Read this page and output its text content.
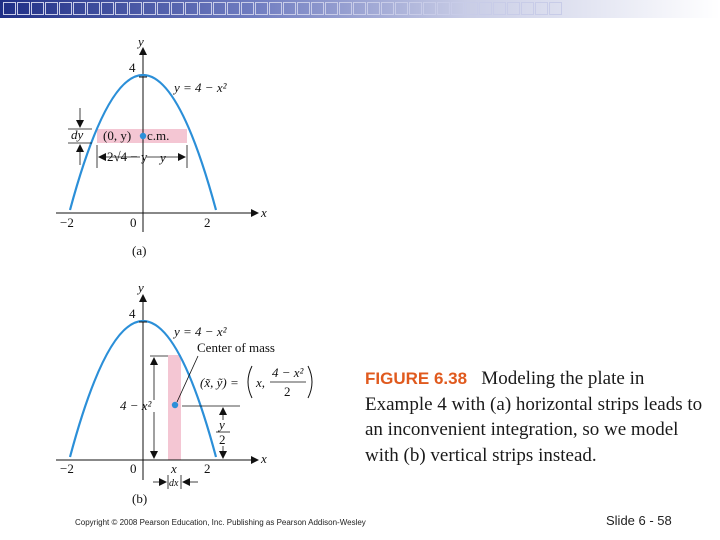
y
4
x
−2	0	2
y = 4 − x²
dy (0, y) c.m.
2√4 − y y
(a)
y
4
x
−2	0	2
x
y = 4 − x²
Center of mass
(x̃, ỹ) = x,
4 − x²
2
4 − x²
y
2
dx
(b)

FIGURE 6.38 Modeling the plate in Example 4 with (a) horizontal strips leads to an inconvenient integration, so we model with (b) vertical strips instead.

Copyright © 2008 Pearson Education, Inc. Publishing as Pearson Addison-Wesley	Slide 6 - 58
